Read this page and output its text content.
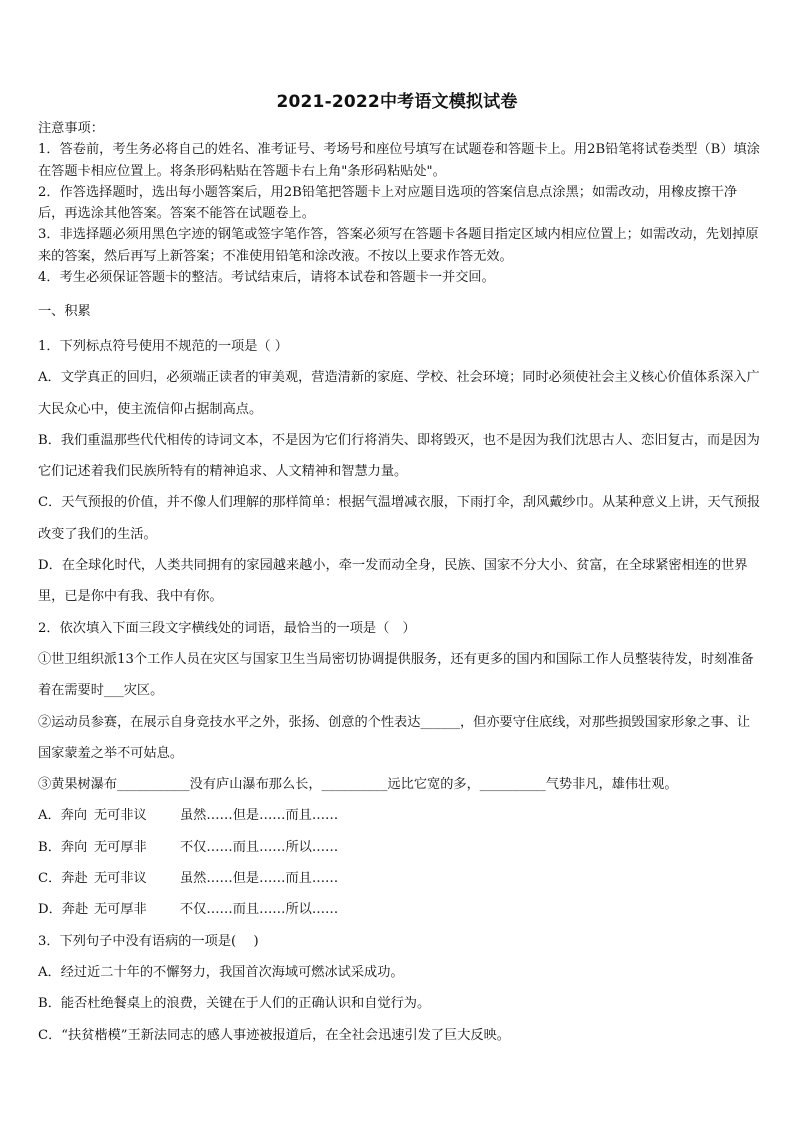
2021-2022中考语文模拟试卷

注意事项：

1．答卷前，考生务必将自己的姓名、准考证号、考场号和座位号填写在试题卷和答题卡上。用2B铅笔将试卷类型（B）填涂在答题卡相应位置上。将条形码粘贴在答题卡右上角"条形码粘贴处"。

2．作答选择题时，选出每小题答案后，用2B铅笔把答题卡上对应题目选项的答案信息点涂黑；如需改动，用橡皮擦干净后，再选涂其他答案。答案不能答在试题卷上。

3．非选择题必须用黑色字迹的钢笔或签字笔作答，答案必须写在答题卡各题目指定区域内相应位置上；如需改动，先划掉原来的答案，然后再写上新答案；不准使用铅笔和涂改液。不按以上要求作答无效。

4．考生必须保证答题卡的整洁。考试结束后，请将本试卷和答题卡一并交回。

一、积累

1．下列标点符号使用不规范的一项是（ ）

A．文学真正的回归，必须端正读者的审美观，营造清新的家庭、学校、社会环境；同时必须使社会主义核心价值体系深入广大民众心中，使主流信仰占据制高点。

B．我们重温那些代代相传的诗词文本，不是因为它们行将消失、即将毁灭，也不是因为我们沈思古人、恋旧复古，而是因为它们记述着我们民族所特有的精神追求、人文精神和智慧力量。

C．天气预报的价值，并不像人们理解的那样简单：根据气温增减衣服，下雨打伞，刮风戴纱巾。从某种意义上讲，天气预报改变了我们的生活。

D．在全球化时代，人类共同拥有的家园越来越小，牵一发而动全身，民族、国家不分大小、贫富，在全球紧密相连的世界里，已是你中有我、我中有你。

2．依次填入下面三段文字横线处的词语，最恰当的一项是（　）

①世卫组织派13个工作人员在灾区与国家卫生当局密切协调提供服务，还有更多的国内和国际工作人员整装待发，时刻准备着在需要时___灾区。

②运动员参赛，在展示自身竞技水平之外，张扬、创意的个性表达______，但亦要守住底线，对那些损毁国家形象之事、让国家蒙羞之举不可姑息。

③黄果树瀑布___________没有庐山瀑布那么长，__________远比它宽的多，__________气势非凡，雄伟壮观。

A．奔向 无可非议	虽然……但是……而且……

B．奔向 无可厚非	不仅……而且……所以……

C．奔赴 无可非议	虽然……但是……而且……

D．奔赴 无可厚非	不仅……而且……所以……

3．下列句子中没有语病的一项是(　 )

A．经过近二十年的不懈努力，我国首次海域可燃冰试采成功。

B．能否杜绝餐桌上的浪费，关键在于人们的正确认识和自觉行为。

C．“扶贫楷模”王新法同志的感人事迹被报道后，在全社会迅速引发了巨大反映。
